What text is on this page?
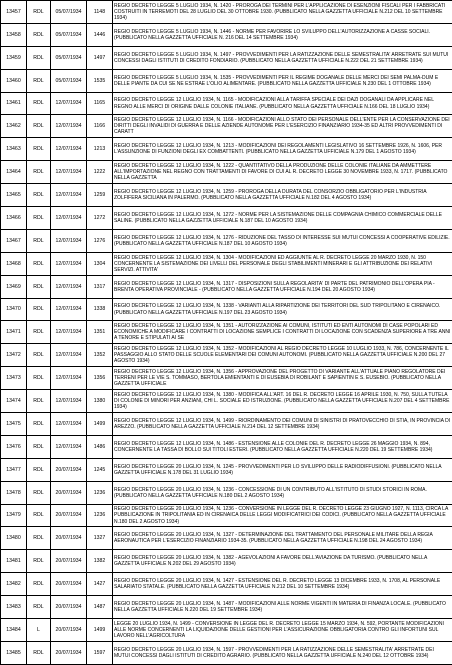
13457	RDL	05/07/1934	1148	REGIO DECRETO LEGGE 5 LUGLIO 1934, N. 1420 - PROROGA DEI TERMINI PER L'APPLICAZIONE DI ESENZIONI FISCALI PER I FABBRICATI COSTRUITI IN TERREMOTI DEL 28 LUGLIO DEL 30 OTTOBRE 1930. (PUBBLICATO NELLA GAZZETTA UFFICIALE N.212 DEL 10 SETTEMBRE 1934)
13458	RDL	05/07/1934	1446	REGIO DECRETO LEGGE 5 LUGLIO 1934, N. 1446 - NORME PER FAVORIRE LO SVILUPPO DELL'AUTORIZZAZIONE A CASSE SOCIALI. (PUBBLICATO NELLA GAZZETTA UFFICIALE N. 216 DEL 14 SETTEMBRE 1934)
13459	RDL	05/07/1934	1497	REGIO DECRETO LEGGE 5 LUGLIO 1934, N. 1497 - PROVVEDIMENTI PER LA RATIZZAZIONE DELLE SEMESTRALITA' ARRETRATE SUI MUTUI CONCESSI DAGLI ISTITUTI DI CREDITO FONDIARIO. (PUBBLICATO NELLA GAZZETTA UFFICIALE N.222 DEL 21 SETTEMBRE 1934)
13460	RDL	05/07/1934	1535	REGIO DECRETO LEGGE 5 LUGLIO 1934, N. 1535 - PROVVEDIMENTI PER IL REGIME DOGANALE DELLE MERCI DEI SEMI PALMA-DUM E DELLE PIANTE DA CUI SE NE ESTRAE L'OLIO ALIMENTARE. (PUBBLICATO NELLA GAZZETTA UFFICIALE N.230 DEL 1 OTTOBRE 1934)
13461	RDL	12/07/1934	1165	REGIO DECRETO LEGGE 12 LUGLIO 1934, N. 1165 - MODIFICAZIONI ALLA TARIFFA SPECIALE DEI DAZI DOGANALI DA APPLICARE NEL REGNO ALLE MERCI DI ORIGINE DALLE COLONIE ITALIANE. (PUBBLICATO NELLA GAZZETTA UFFICIALE N.166 DEL 18 LUGLIO 1934)
13462	RDL	12/07/1934	1166	REGIO DECRETO LEGGE 12 LUGLIO 1934, N. 1166 - MODIFICAZIONI ALLO STATO DEI PERSONALE DELL'ENTE PER LA CONSERVAZIONE DEI DIRITTI DEGLI INVALIDI DI GUERRA E DELLE AZIENDE AUTONOME PER L'ESERCIZIO FINANZIARIO 1934-35 ED ALTRI PROVVEDIMENTI DI CARATT
13463	RDL	12/07/1934	1213	REGIO DECRETO LEGGE 12 LUGLIO 1934, N. 1213 - MODIFICAZIONI DEI REGOLAMENTI LEGISLATIVO 16 SETTEMBRE 1926, N. 1606, PER L'ASSUNZIONE DI FUNZIONI DEGLI EX COMBATTENTI. (PUBBLICATO NELLA GAZZETTA UFFICIALE N.179 DEL 1 AGOSTO 1934)
13464	RDL	12/07/1934	1222	REGIO DECRETO LEGGE 12 LUGLIO 1934, N. 1222 - QUANTITATIVO DELLA PRODUZIONE DELLE COLONIE ITALIANE DA AMMETTERE ALL'IMPORTAZIONE NEL REGNO CON TRATTAMENTI DI FAVORE DI CUI AL R. DECRETO LEGGE 30 NOVEMBRE 1933, N. 1717. (PUBBLICATO NELLA GAZZETTA
13465	RDL	12/07/1934	1259	REGIO DECRETO LEGGE 12 LUGLIO 1934, N. 1259 - PROROGA DELLA DURATA DEL CONSORZIO OBBLIGATORIO PER L'INDUSTRIA ZOLFIFERA SICILIANA IN PALERMO. (PUBBLICATO NELLA GAZZETTA UFFICIALE N.182 DEL 4 AGOSTO 1934)
13466	RDL	12/07/1934	1272	REGIO DECRETO LEGGE 12 LUGLIO 1934, N. 1272 - NORME PER LA SISTEMAZIONE DELLE COMPAGNIA CHIMICO COMMERCIALE DELLE SALINE. (PUBBLICATO NELLA GAZZETTA UFFICIALE N.187 DEL 10 AGOSTO 1934)
13467	RDL	12/07/1934	1276	REGIO DECRETO LEGGE 12 LUGLIO 1934, N. 1276 - RIDUZIONE DEL TASSO DI INTERESSE SUI MUTUI CONCESSI A COOPERATIVE EDILIZIE. (PUBBLICATO NELLA GAZZETTA UFFICIALE N.187 DEL 10 AGOSTO 1934)
13468	RDL	12/07/1934	1304	REGIO DECRETO LEGGE 12 LUGLIO 1934, N. 1304 - MODIFICAZIONI ED AGGIUNTE AL R. DECRETO LEGGE 20 MARZO 1930, N. 150 CONCERNENTE LA SISTEMAZIONE DEI LIVELLI DEL PERSONALE DEGLI STABILIMENTI MINERARI E GLI ATTRIBUZIONE DEI RELATIVI SERVIZI. ATTIVITA'
13469	RDL	12/07/1934	1317	REGIO DECRETO LEGGE 12 LUGLIO 1934, N. 1317 - DISPOSIZIONI SULLA REGOLARITA' DI PARTE DEL PATRIMONIO DELL'OPERA PIA - BRENTA OPERATIVA PROVINCIALE - (PUBBLICATO NELLA GAZZETTA UFFICIALE N.194 DEL 20 AGOSTO 1934)
13470	RDL	12/07/1934	1338	REGIO DECRETO LEGGE 12 LUGLIO 1934, N. 1338 - VARIANTI ALLA RIPARTIZIONE DEI TERRITORI DEL SUD TRIPOLITANO E CIRENAICO. (PUBBLICATO NELLA GAZZETTA UFFICIALE N.197 DEL 23 AGOSTO 1934)
13471	RDL	12/07/1934	1351	REGIO DECRETO LEGGE 12 LUGLIO 1934, N. 1351 - AUTORIZZAZIONE AI COMUNI, ISTITUTI ED ENTI AUTONOMI DI CASE POPOLARI ED ECONOMICHE A MODIFICARE I CONTRATTI DI LOCAZIONE SEMPLICE I CONTRATTI DI LOCAZIONE CON SCADENZA SUPERIORE A TRE ANNI A TENORE E STIPULATI AI SE
13472	RDL	12/07/1934	1352	REGIO DECRETO LEGGE 12 LUGLIO 1934, N. 1352 - MODIFICAZIONI AL REGIO DECRETO LEGGE 10 LUGLIO 1933, N. 786, CONCERNENTE IL PASSAGGIO ALLO STATO DELLE SCUOLE ELEMENTARI DEI COMUNI AUTONOMI. (PUBBLICATO NELLA GAZZETTA UFFICIALE N.200 DEL 27 AGOSTO 1934)
13473	RDL	12/07/1934	1356	REGIO DECRETO LEGGE 12 LUGLIO 1934, N. 1356 - APPROVAZIONE DEL PROGETTO DI VARIANTE ALL'ATTUALE PIANO REGOLATORE DEI TERRENI PER LE VIE S. TOMMASO, BERTOLA EMIENTANTI E DI EUSEBIA DI ROBILANT E SAPIENTIN E S. EUSEBIO. (PUBBLICATO NELLA GAZZETTA UFFICIALE
13474	RDL	12/07/1934	1380	REGIO DECRETO LEGGE 12 LUGLIO 1934, N. 1380 - MODIFICA ALL'ART. 16 DEL R. DECRETO LEGGE 16 APRILE 1930, N. 750, SULLA TUTELA DI COLONIE DI MINORI PER ANZIANI, CHI L. SOCIALE ED ISTRUZIONE. (PUBBLICATO NELLA GAZZETTA UFFICIALE N.207 DEL 4 SETTEMBRE 1934)
13475	RDL	12/07/1934	1499	REGIO DECRETO LEGGE 12 LUGLIO 1934, N. 1499 - RIORDINAMENTO DEI COMUNI DI SINISTRI DI PRATOVECCHIO DI STIA, IN PROVINCIA DI AREZZO. (PUBBLICATO NELLA GAZZETTA UFFICIALE N.214 DEL 12 SETTEMBRE 1934)
13476	RDL	12/07/1934	1486	REGIO DECRETO LEGGE 12 LUGLIO 1934, N. 1486 - ESTENSIONE ALLE COLONIE DEL R. DECRETO LEGGE 26 MAGGIO 1934, N. 894, CONCERNENTE LA TASSA DI BOLLO SUI TITOLI ESTERI. (PUBBLICATO NELLA GAZZETTA UFFICIALE N.220 DEL 19 SETTEMBRE 1934)
13477	RDL	20/07/1934	1245	REGIO DECRETO LEGGE 20 LUGLIO 1934, N. 1245 - PROVVEDIMENTI PER LO SVILUPPO DELLE RADIODIFFUSIONI. (PUBBLICATO NELLA GAZZETTA UFFICIALE N.178 DEL 31 LUGLIO 1934)
13478	RDL	20/07/1934	1236	REGIO DECRETO LEGGE 20 LUGLIO 1934, N. 1236 - CONCESSIONE DI UN CONTRIBUTO ALL'ISTITUTO DI STUDI STORICI IN ROMA. (PUBBLICATO NELLA GAZZETTA UFFICIALE N.180 DEL 2 AGOSTO 1934)
13479	RDL	20/07/1934	1236	REGIO DECRETO LEGGE 20 LUGLIO 1934, N. 1236 - CONVERSIONE IN LEGGE DEL R. DECRETO LEGGE 23 GIUGNO 1927, N. 1113, CIRCA LA PUBBLICAZIONE IN TRIPOLITANIA ED IN CIRENAICA DELLE LEGGI MODIFICATRICI DEI CODICI. (PUBBLICATO NELLA GAZZETTA UFFICIALE N.180 DEL 2 AGOSTO 1934)
13480	RDL	20/07/1934	1327	REGIO DECRETO LEGGE 20 LUGLIO 1934, N. 1327 - DETERMINAZIONE DEL TRATTAMENTO DEL PERSONALE MILITARE DELLA REGIA AERONAUTICA PER L'ESERCIZIO FINANZIARIO 1934-35. (PUBBLICATO NELLA GAZZETTA UFFICIALE N.198 DEL 24 AGOSTO 1934)
13481	RDL	20/07/1934	1382	REGIO DECRETO LEGGE 20 LUGLIO 1934, N. 1382 - AGEVOLAZIONI A FAVORE DELL'AVIAZIONE DA TURISMO. (PUBBLICATO NELLA GAZZETTA UFFICIALE N.202 DEL 29 AGOSTO 1934)
13482	RDL	20/07/1934	1427	REGIO DECRETO LEGGE 20 LUGLIO 1934, N. 1427 - ESTENSIONE DEL R. DECRETO LEGGE 13 DICEMBRE 1933, N. 1708, AL PERSONALE SALARIATO STATALE. (PUBBLICATO NELLA GAZZETTA UFFICIALE N.212 DEL 10 SETTEMBRE 1934)
13483	RDL	20/07/1934	1487	REGIO DECRETO LEGGE 20 LUGLIO 1934, N. 1487 - MODIFICAZIONI ALLE NORME VIGENTI IN MATERIA DI FINANZA LOCALE. (PUBBLICATO NELLA GAZZETTA UFFICIALE N.220 DEL 19 SETTEMBRE 1934)
13484	L	20/07/1934	1499	LEGGE 20 LUGLIO 1934, N. 1499 - CONVERSIONE IN LEGGE DEL R. DECRETO LEGGE 15 MARZO 1934, N. 592, PORTANTE MODIFICAZIONI ALLE NORME CONCERNENTI LA LIQUIDAZIONE DELLE GESTIONI PER L'ASSICURAZIONE OBBLIGATORIA CONTRO GLI INFORTUNI SUL LAVORO NELL'AGRICOLTURA
13485	RDL	20/07/1934	1597	REGIO DECRETO LEGGE 20 LUGLIO 1934, N. 1597 - PROVVEDIMENTI PER LA RATIZZAZIONE DELLE SEMESTRALITA' ARRETRATE DEI MUTUI CONCESSI DAGLI ISTITUTI DI CREDITO AGRARIO. (PUBBLICATO NELLA GAZZETTA UFFICIALE N.240 DEL 12 OTTOBRE 1934)
